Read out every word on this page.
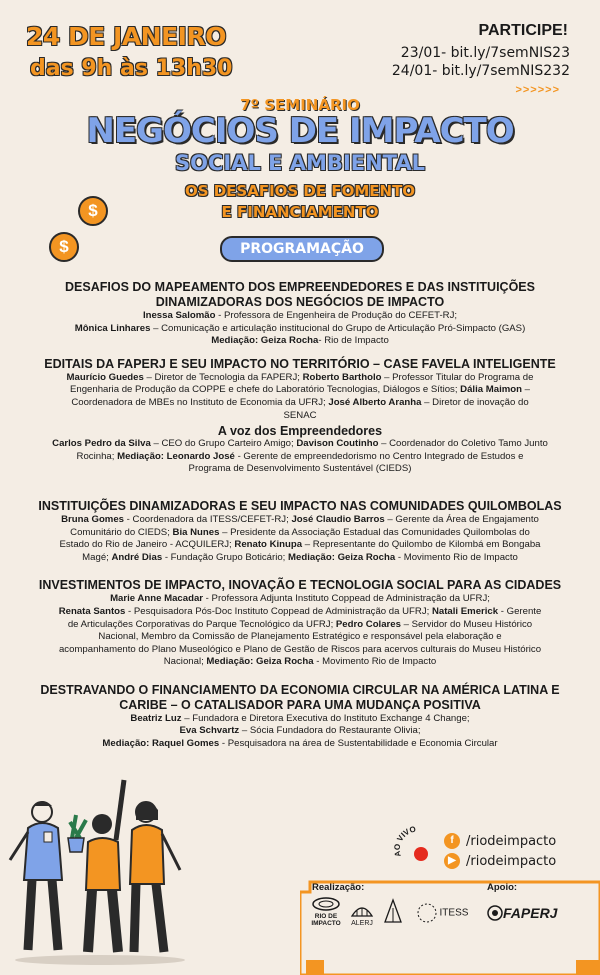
24 DE JANEIRO
das 9h às 13h30
PARTICIPE!
23/01- bit.ly/7semNIS23
24/01- bit.ly/7semNIS232
>>>>>>
7º SEMINÁRIO
NEGÓCIOS DE IMPACTO
SOCIAL E AMBIENTAL
OS DESAFIOS DE FOMENTO
E FINANCIAMENTO
$
$	PROGRAMAÇÃO

DESAFIOS DO MAPEAMENTO DOS EMPREENDEDORES E DAS INSTITUIÇÕES

DINAMIZADORAS DOS NEGÓCIOS DE IMPACTO

Inessa Salomão - Professora de Engenheira de Produção do CEFET-RJ;

Mônica Linhares – Comunicação e articulação institucional do Grupo de Articulação Pró-Simpacto (GAS)

Mediação: Geiza Rocha- Rio de Impacto

EDITAIS DA FAPERJ E SEU IMPACTO NO TERRITÓRIO – CASE FAVELA INTELIGENTE

Maurício Guedes – Diretor de Tecnologia da FAPERJ; Roberto Bartholo – Professor Titular do Programa de

Engenharia de Produção da COPPE e chefe do Laboratório Tecnologias, Diálogos e Sítios; Dália Maimon –

Coordenadora de MBEs no Instituto de Economia da UFRJ; José Alberto Aranha – Diretor de inovação do

SENAC

A voz dos Empreendedores

Carlos Pedro da Silva – CEO do Grupo Carteiro Amigo; Davison Coutinho – Coordenador do Coletivo Tamo Junto

Rocinha; Mediação: Leonardo José - Gerente de empreendedorismo no Centro Integrado de Estudos e

Programa de Desenvolvimento Sustentável (CIEDS)

INSTITUIÇÕES DINAMIZADORAS E SEU IMPACTO NAS COMUNIDADES QUILOMBOLAS

Bruna Gomes - Coordenadora da ITESS/CEFET-RJ; José Claudio Barros – Gerente da Área de Engajamento

Comunitário do CIEDS; Bia Nunes – Presidente da Associação Estadual das Comunidades Quilombolas do

Estado do Rio de Janeiro - ACQUILERJ; Renato Kinupa – Representante do Quilombo de Kilombá em Bongaba

Magé; André Dias - Fundação Grupo Boticário; Mediação: Geiza Rocha - Movimento Rio de Impacto

INVESTIMENTOS DE IMPACTO, INOVAÇÃO E TECNOLOGIA SOCIAL PARA AS CIDADES

Marie Anne Macadar - Professora Adjunta Instituto Coppead de Administração da UFRJ;

Renata Santos - Pesquisadora Pós-Doc Instituto Coppead de Administração da UFRJ; Natali Emerick - Gerente

de Articulações Corporativas do Parque Tecnológico da UFRJ; Pedro Colares – Servidor do Museu Histórico

Nacional, Membro da Comissão de Planejamento Estratégico e responsável pela elaboração e

acompanhamento do Plano Museológico e Plano de Gestão de Riscos para acervos culturais do Museu Histórico

Nacional; Mediação: Geiza Rocha - Movimento Rio de Impacto

DESTRAVANDO O FINANCIAMENTO DA ECONOMIA CIRCULAR NA AMÉRICA LATINA E

CARIBE – O CATALISADOR PARA UMA MUDANÇA POSITIVA

Beatriz Luz – Fundadora e Diretora Executiva do Instituto Exchange 4 Change;

Eva Schvartz – Sócia Fundadora do Restaurante Olivia;

Mediação: Raquel Gomes - Pesquisadora na área de Sustentabilidade e Economia Circular

AO VIVO
f /riodeimpacto
▶ /riodeimpacto
Realização:	Apoio:
RIO DE IMPACTO ALERJ
ITESS	FAPERJ
